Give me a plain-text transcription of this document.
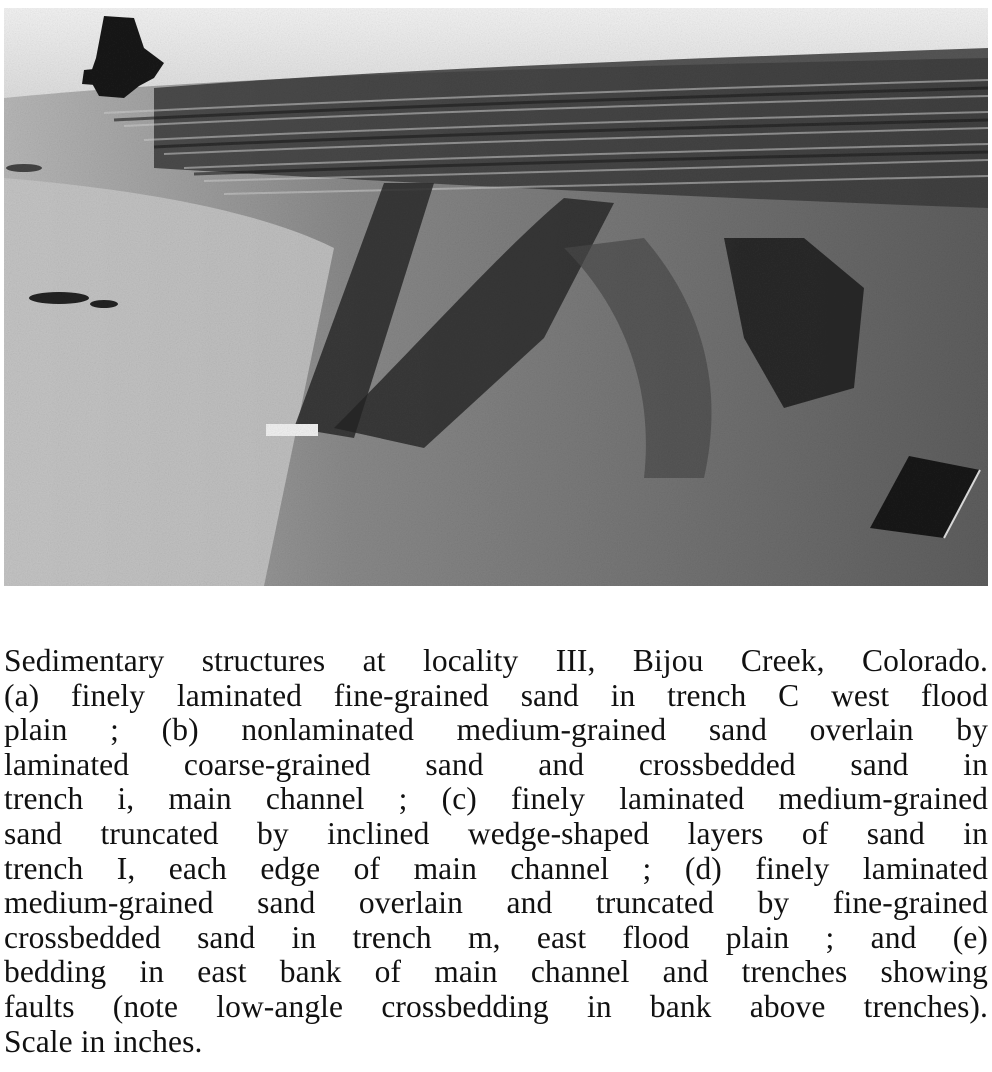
Sedimentary structures at locality III, Bijou Creek, Colorado.
(a) finely laminated fine-grained sand in trench C west flood
plain ; (b) nonlaminated medium-grained sand overlain by
laminated coarse-grained sand and crossbedded sand in
trench i, main channel ; (c) finely laminated medium-grained
sand truncated by inclined wedge-shaped layers of sand in
trench I, each edge of main channel ; (d) finely laminated
medium-grained sand overlain and truncated by fine-grained
crossbedded sand in trench m, east flood plain ; and (e)
bedding in east bank of main channel and trenches showing
faults (note low-angle crossbedding in bank above trenches).
Scale in inches.
